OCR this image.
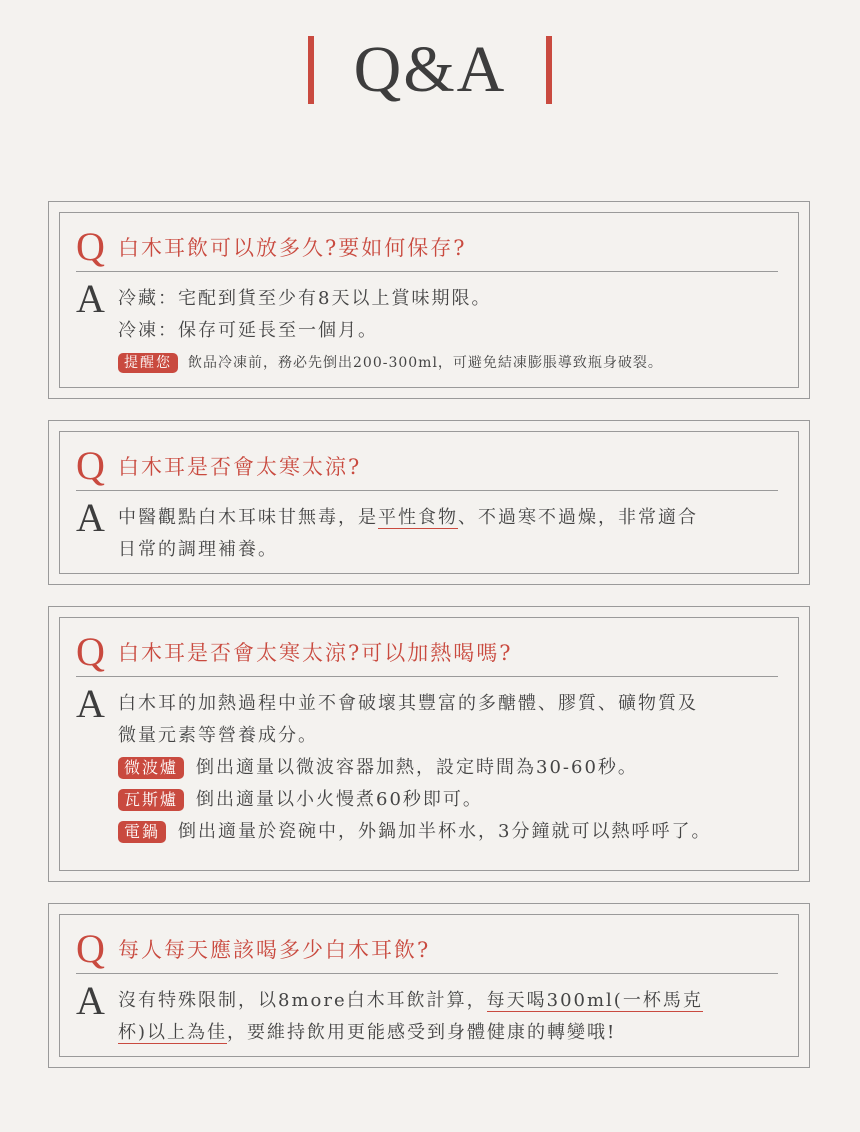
Q&A
Q 白木耳飲可以放多久?要如何保存?
A 冷藏：宅配到貨至少有8天以上賞味期限。
冷凍：保存可延長至一個月。
提醒您 飲品冷凍前，務必先倒出200-300ml，可避免結凍膨脹導致瓶身破裂。
Q 白木耳是否會太寒太涼?
A 中醫觀點白木耳味甘無毒，是平性食物、不過寒不過燥，非常適合
日常的調理補養。
Q 白木耳是否會太寒太涼?可以加熱喝嗎?
A 白木耳的加熱過程中並不會破壞其豐富的多醣體、膠質、礦物質及
微量元素等營養成分。
微波爐 倒出適量以微波容器加熱，設定時間為30-60秒。
瓦斯爐 倒出適量以小火慢煮60秒即可。
電鍋 倒出適量於瓷碗中，外鍋加半杯水，3分鐘就可以熱呼呼了。
Q 每人每天應該喝多少白木耳飲?
A 沒有特殊限制，以8more白木耳飲計算，每天喝300ml(一杯馬克
杯)以上為佳，要維持飲用更能感受到身體健康的轉變哦!
